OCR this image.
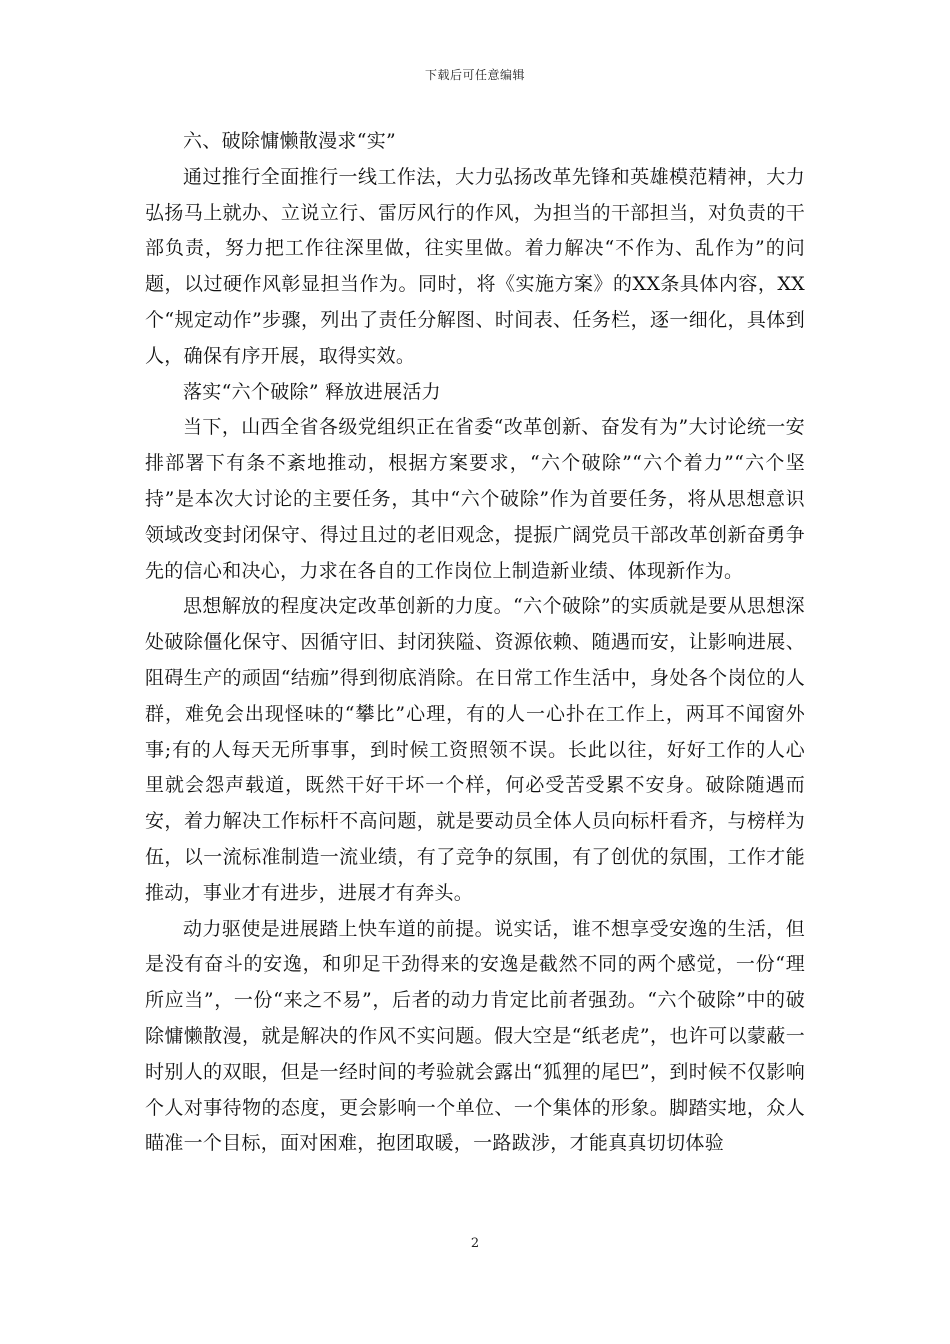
下载后可任意编辑

六、破除慵懒散漫求“实”

通过推行全面推行一线工作法，大力弘扬改革先锋和英雄模范精神，大力弘扬马上就办、立说立行、雷厉风行的作风，为担当的干部担当，对负责的干部负责，努力把工作往深里做，往实里做。着力解决“不作为、乱作为”的问题，以过硬作风彰显担当作为。同时，将《实施方案》的XX条具体内容，XX个“规定动作”步骤，列出了责任分解图、时间表、任务栏，逐一细化，具体到人，确保有序开展，取得实效。

落实“六个破除” 释放进展活力

当下，山西全省各级党组织正在省委“改革创新、奋发有为”大讨论统一安排部署下有条不紊地推动，根据方案要求，“六个破除”“六个着力”“六个坚持”是本次大讨论的主要任务，其中“六个破除”作为首要任务，将从思想意识领域改变封闭保守、得过且过的老旧观念，提振广阔党员干部改革创新奋勇争先的信心和决心，力求在各自的工作岗位上制造新业绩、体现新作为。

思想解放的程度决定改革创新的力度。“六个破除”的实质就是要从思想深处破除僵化保守、因循守旧、封闭狭隘、资源依赖、随遇而安，让影响进展、阻碍生产的顽固“结痂”得到彻底消除。在日常工作生活中，身处各个岗位的人群，难免会出现怪味的“攀比”心理，有的人一心扑在工作上，两耳不闻窗外事;有的人每天无所事事，到时候工资照领不误。长此以往，好好工作的人心里就会怨声载道，既然干好干坏一个样，何必受苦受累不安身。破除随遇而安，着力解决工作标杆不高问题，就是要动员全体人员向标杆看齐，与榜样为伍，以一流标准制造一流业绩，有了竞争的氛围，有了创优的氛围，工作才能推动，事业才有进步，进展才有奔头。

动力驱使是进展踏上快车道的前提。说实话，谁不想享受安逸的生活，但是没有奋斗的安逸，和卯足干劲得来的安逸是截然不同的两个感觉，一份“理所应当”，一份“来之不易”，后者的动力肯定比前者强劲。“六个破除”中的破除慵懒散漫，就是解决的作风不实问题。假大空是“纸老虎”，也许可以蒙蔽一时别人的双眼，但是一经时间的考验就会露出“狐狸的尾巴”，到时候不仅影响个人对事待物的态度，更会影响一个单位、一个集体的形象。脚踏实地，众人瞄准一个目标，面对困难，抱团取暖，一路跋涉，才能真真切切体验

2
